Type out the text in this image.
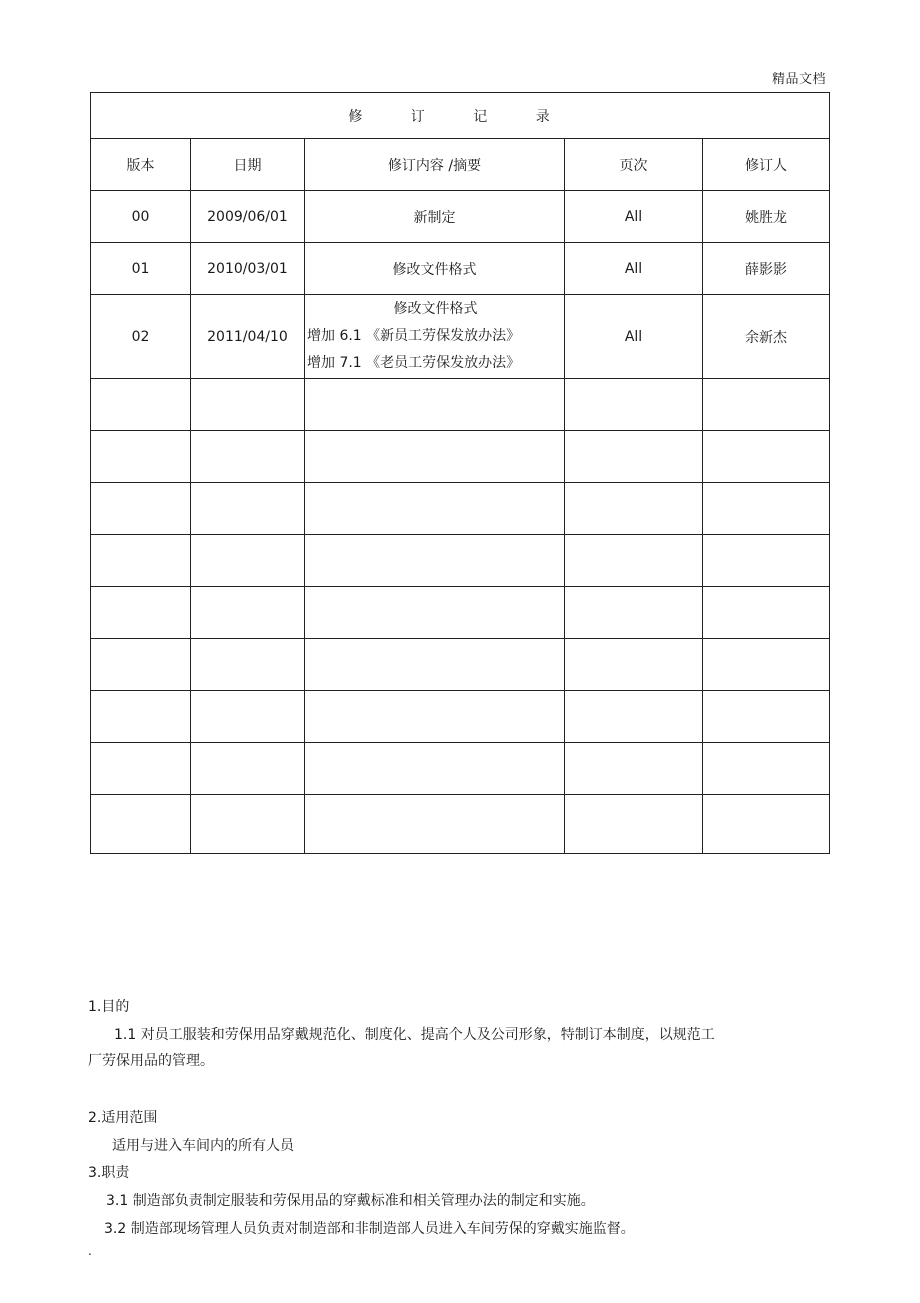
精品文档
修 订 记 录				
版本	日期	修订内容 /摘要	页次	修订人
00	2009/06/01	新制定	All	姚胜龙
01	2010/03/01	修改文件格式	All	薛影影
02	2011/04/10	修改文件格式
增加 6.1 《新员工劳保发放办法》
增加 7.1 《老员工劳保发放办法》	All	余新杰

1.目的
1.1 对员工服装和劳保用品穿戴规范化、制度化、提高个人及公司形象，特制订本制度，以规范工
厂劳保用品的管理。
2.适用范围
适用与进入车间内的所有人员
3.职责
3.1 制造部负责制定服装和劳保用品的穿戴标准和相关管理办法的制定和实施。
3.2 制造部现场管理人员负责对制造部和非制造部人员进入车间劳保的穿戴实施监督。
.
